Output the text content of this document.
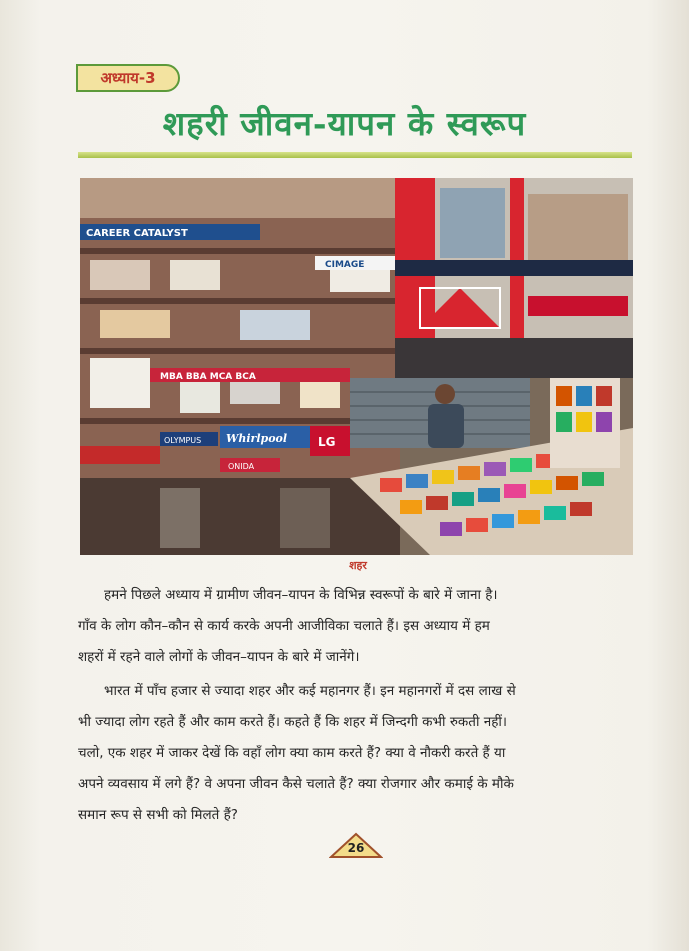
अध्याय-3
शहरी जीवन-यापन के स्वरूप
CAREER CATALYST
CIMAGE
MBA BBA MCA BCA
Whirlpool	LG
OLYMPUS
ONIDA
शहर
हमने पिछले अध्याय में ग्रामीण जीवन–यापन के विभिन्न स्वरूपों के बारे में जाना है।
गाँव के लोग कौन–कौन से कार्य करके अपनी आजीविका चलाते हैं। इस अध्याय में हम
शहरों में रहने वाले लोगों के जीवन–यापन के बारे में जानेंगे।
भारत में पाँच हजार से ज्यादा शहर और कई महानगर हैं। इन महानगरों में दस लाख से
भी ज्यादा लोग रहते हैं और काम करते हैं। कहते हैं कि शहर में जिन्दगी कभी रुकती नहीं।
चलो, एक शहर में जाकर देखें कि वहाँ लोग क्या काम करते हैं? क्या वे नौकरी करते हैं या
अपने व्यवसाय में लगे हैं? वे अपना जीवन कैसे चलाते हैं? क्या रोजगार और कमाई के मौके
समान रूप से सभी को मिलते हैं?
26
